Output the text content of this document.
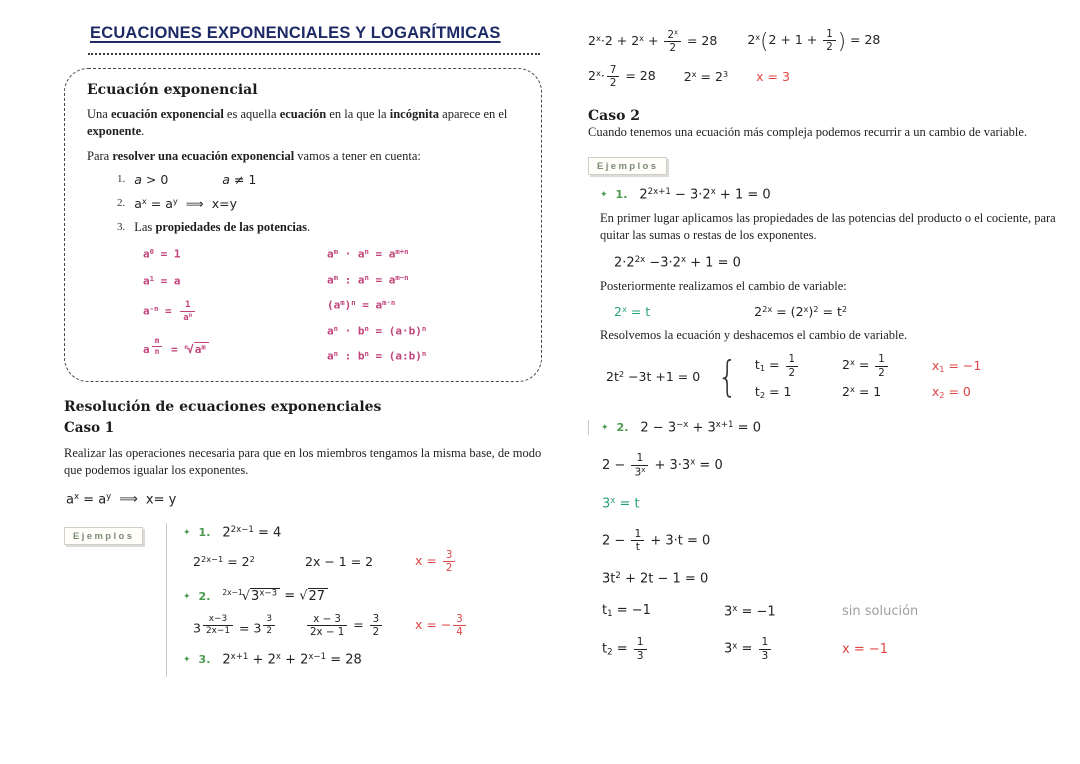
ECUACIONES EXPONENCIALES Y LOGARÍTMICAS
Ecuación exponencial

Una ecuación exponencial es aquella ecuación en la que la incógnita aparece en el exponente.

Para resolver una ecuación exponencial vamos a tener en cuenta:

1. a > 0	a ≠ 1
2. $a^x = a^y$ ⟹ x=y
3. Las propiedades de las potencias.
$a^0 = 1$
$a^1 = a$
$a^{-n} = \frac{1}{a^n}$
a $^{\frac{m}{n}} = ^n√a^m$
$a^m \cdot a^n = a^{m+n}$
$a^m$ : $a^n = a^{m-n}$
$(a^m)^n = a^{m\cdot n}$
$a^n \cdot b^n = (a\cdot b)^n$
$a^n$ : $b^n$ = (a:b)$^n$
Resolución de ecuaciones exponenciales
Caso 1

Realizar las operaciones necesaria para que en los miembros tengamos la misma base, de modo que podemos igualar los exponentes.

$a^x = a^y$ ⟹ x= y
Ejemplos	✦ 1. $2^{2x-1} = 4$
$2^{2x-1} = 2^2$	2x − 1 = 2	$x = \frac{3}{2}$
✦ 2. $^{2x-1}√3^{x-3} = √27$
3 $^{\frac{x-3}{2x-1}}$ = 3 $^{\frac{3}{2}}$	$\frac{x - 3}{2x - 1} = \frac{3}{2}$	x = − $\frac{3}{4}$
✦ 3. $2^{x+1} + 2^x + 2^{x-1} = 28$
$2^x\cdot 2 + 2^x + \frac{2^x}{2} = 28$ $2^x(2 + 1 + \frac{1}{2}$ ) = 28
$2^x\cdot \frac{7}{2} = 28$ $2^x = 2^3$ x = 3
Caso 2

Cuando tenemos una ecuación más compleja podemos recurrir a un cambio de variable.

Ejemplos
✦ 1. $2^{2x+1} - 3\cdot 2^x + 1 = 0$

En primer lugar aplicamos las propiedades de las potencias del producto o el cociente, para quitar las sumas o restas de los exponentes.

$2\cdot 2^{2x} -3\cdot 2^x + 1 = 0$

Posteriormente realizamos el cambio de variable:

$2^x = t$	$2^{2x} = (2^x)^2 = t^2$

Resolvemos la ecuación y deshacemos el cambio de variable.

$2t^2 -3t +1 = 0$ { $t_1 = \frac{1}{2}$	$2^x = \frac{1}{2}$	$x_1 = -1$
$t_2 = 1$	$2^x = 1$	$x_2 = 0$
✦ 2. $2 - 3^{-x} + 3^{x+1} = 0$
$2 - \frac{1}{3^x} + 3\cdot 3^x = 0$
$3^x = t$
$2 - \frac{1}{t} + 3\cdot t = 0$
$3t^2 + 2t - 1 = 0$
$t_1 = -1$	$3^x = -1$	sin solución
$t_2 = \frac{1}{3}$	$3^x = \frac{1}{3}$	x = −1
